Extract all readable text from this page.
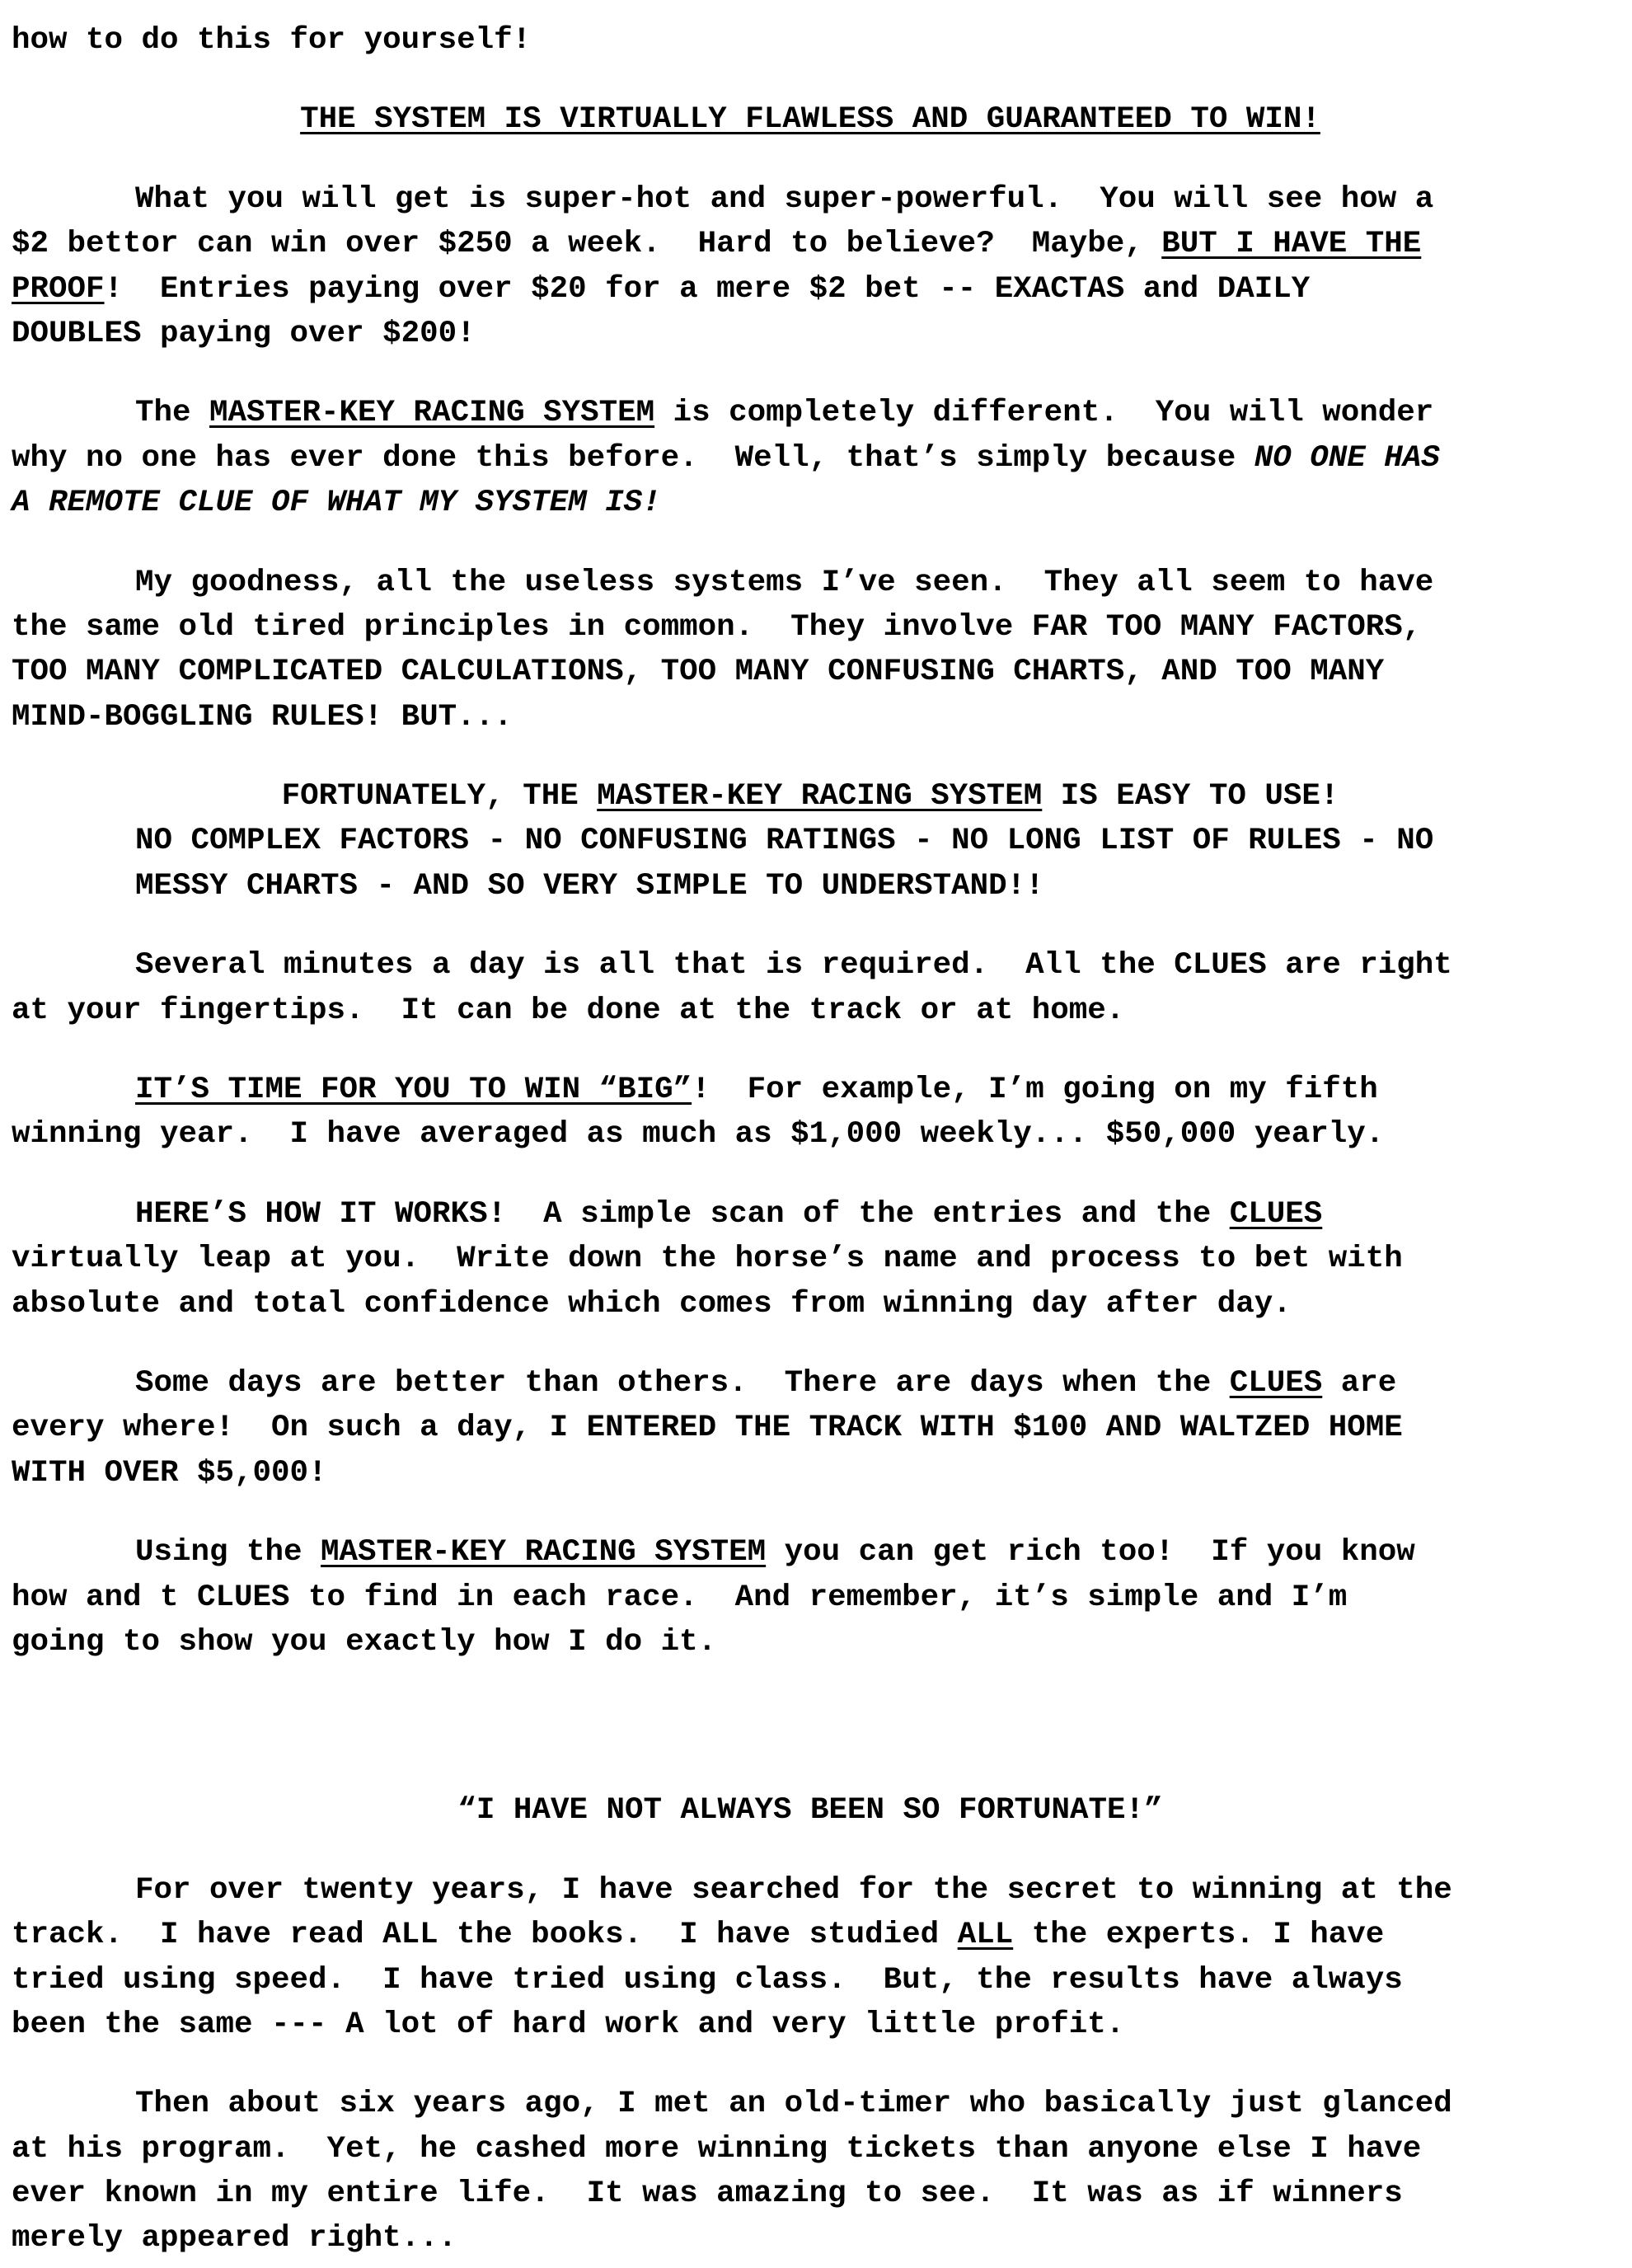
how to do this for yourself!
THE SYSTEM IS VIRTUALLY FLAWLESS AND GUARANTEED TO WIN!
What you will get is super-hot and super-powerful.  You will see how a
$2 bettor can win over $250 a week.  Hard to believe?  Maybe, BUT I HAVE THE
PROOF!  Entries paying over $20 for a mere $2 bet -- EXACTAS and DAILY
DOUBLES paying over $200!
The MASTER-KEY RACING SYSTEM is completely different.  You will wonder
why no one has ever done this before.  Well, that’s simply because NO ONE HAS
A REMOTE CLUE OF WHAT MY SYSTEM IS!
My goodness, all the useless systems I’ve seen.  They all seem to have
the same old tired principles in common.  They involve FAR TOO MANY FACTORS,
TOO MANY COMPLICATED CALCULATIONS, TOO MANY CONFUSING CHARTS, AND TOO MANY
MIND-BOGGLING RULES! BUT...
FORTUNATELY, THE MASTER-KEY RACING SYSTEM IS EASY TO USE!
NO COMPLEX FACTORS - NO CONFUSING RATINGS - NO LONG LIST OF RULES - NO
MESSY CHARTS - AND SO VERY SIMPLE TO UNDERSTAND!!
Several minutes a day is all that is required.  All the CLUES are right
at your fingertips.  It can be done at the track or at home.
IT’S TIME FOR YOU TO WIN “BIG”!  For example, I’m going on my fifth
winning year.  I have averaged as much as $1,000 weekly... $50,000 yearly.
HERE’S HOW IT WORKS!  A simple scan of the entries and the CLUES
virtually leap at you.  Write down the horse’s name and process to bet with
absolute and total confidence which comes from winning day after day.
Some days are better than others.  There are days when the CLUES are
every where!  On such a day, I ENTERED THE TRACK WITH $100 AND WALTZED HOME
WITH OVER $5,000!
Using the MASTER-KEY RACING SYSTEM you can get rich too!  If you know
how and t CLUES to find in each race.  And remember, it’s simple and I’m
going to show you exactly how I do it.
“I HAVE NOT ALWAYS BEEN SO FORTUNATE!”
For over twenty years, I have searched for the secret to winning at the
track.  I have read ALL the books.  I have studied ALL the experts. I have
tried using speed.  I have tried using class.  But, the results have always
been the same --- A lot of hard work and very little profit.
Then about six years ago, I met an old-timer who basically just glanced
at his program.  Yet, he cashed more winning tickets than anyone else I have
ever known in my entire life.  It was amazing to see.  It was as if winners
merely appeared right...
